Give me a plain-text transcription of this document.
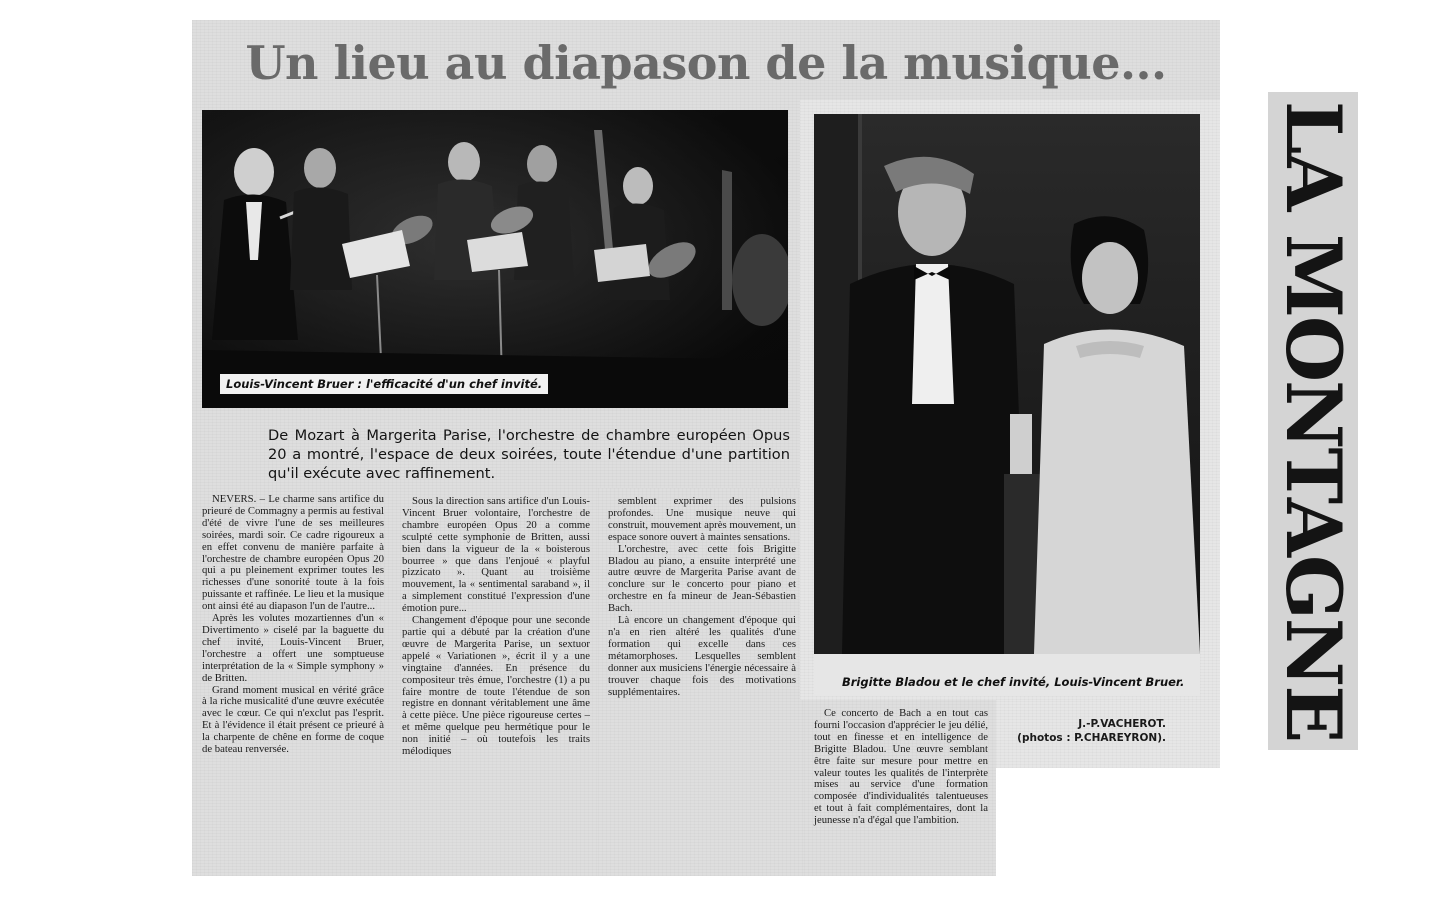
Un lieu au diapason de la musique...
Louis-Vincent Bruer : l'efficacité d'un chef invité.
Brigitte Bladou et le chef invité, Louis-Vincent Bruer.

De Mozart à Margerita Parise, l'orchestre de chambre européen Opus 20 a montré, l'espace de deux soirées, toute l'étendue d'une partition qu'il exécute avec raffinement.

NEVERS. – Le charme sans artifice du prieuré de Commagny a permis au festival d'été de vivre l'une de ses meilleures soirées, mardi soir. Ce cadre rigoureux a en effet convenu de manière parfaite à l'orchestre de chambre européen Opus 20 qui a pu pleinement exprimer toutes les richesses d'une sonorité toute à la fois puissante et raffinée. Le lieu et la musique ont ainsi été au diapason l'un de l'autre...

Après les volutes mozartiennes d'un « Divertimento » ciselé par la baguette du chef invité, Louis-Vincent Bruer, l'orchestre a offert une somptueuse interprétation de la « Simple symphony » de Britten.

Grand moment musical en vérité grâce à la riche musicalité d'une œuvre exécutée avec le cœur. Ce qui n'exclut pas l'esprit. Et à l'évidence il était présent ce prieuré à la charpente de chêne en forme de coque de bateau renversée.

Sous la direction sans artifice d'un Louis-Vincent Bruer volontaire, l'orchestre de chambre européen Opus 20 a comme sculpté cette symphonie de Britten, aussi bien dans la vigueur de la « boisterous bourree » que dans l'enjoué « playful pizzicato ». Quant au troisième mouvement, la « sentimental saraband », il a simplement constitué l'expression d'une émotion pure...

Changement d'époque pour une seconde partie qui a débuté par la création d'une œuvre de Margerita Parise, un sextuor appelé « Variationen », écrit il y a une vingtaine d'années. En présence du compositeur très émue, l'orchestre (1) a pu faire montre de toute l'étendue de son registre en donnant véritablement une âme à cette pièce. Une pièce rigoureuse certes – et même quelque peu hermétique pour le non initié – où toutefois les traits mélodiques

semblent exprimer des pulsions profondes. Une musique neuve qui construit, mouvement après mouvement, un espace sonore ouvert à maintes sensations.

L'orchestre, avec cette fois Brigitte Bladou au piano, a ensuite interprété une autre œuvre de Margerita Parise avant de conclure sur le concerto pour piano et orchestre en fa mineur de Jean-Sébastien Bach.

Là encore un changement d'époque qui n'a en rien altéré les qualités d'une formation qui excelle dans ces métamorphoses. Lesquelles semblent donner aux musiciens l'énergie nécessaire à trouver chaque fois des motivations supplémentaires.

Ce concerto de Bach a en tout cas fourni l'occasion d'apprécier le jeu délié, tout en finesse et en intelligence de Brigitte Bladou. Une œuvre semblant être faite sur mesure pour mettre en valeur toutes les qualités de l'interprète mises au service d'une formation composée d'individualités talentueuses et tout à fait complémentaires, dont la jeunesse n'a d'égal que l'ambition.

J.-P.VACHEROT.
(photos : P.CHAREYRON). LA MONTAGNE
